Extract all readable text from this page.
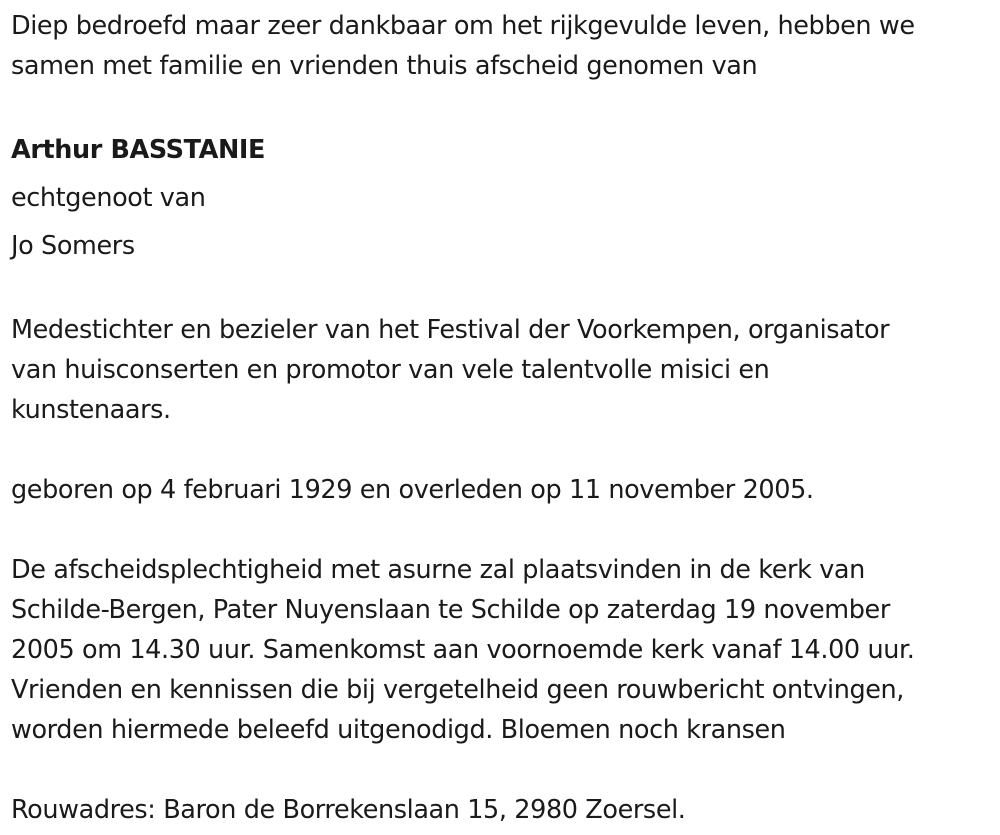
Diep bedroefd maar zeer dankbaar om het rijkgevulde leven, hebben we
samen met familie en vrienden thuis afscheid genomen van
Arthur BASSTANIE
echtgenoot van
Jo Somers
Medestichter en bezieler van het Festival der Voorkempen, organisator
van huisconserten en promotor van vele talentvolle misici en
kunstenaars.
geboren op 4 februari 1929 en overleden op 11 november 2005.
De afscheidsplechtigheid met asurne zal plaatsvinden in de kerk van
Schilde-Bergen, Pater Nuyenslaan te Schilde op zaterdag 19 november
2005 om 14.30 uur. Samenkomst aan voornoemde kerk vanaf 14.00 uur.
Vrienden en kennissen die bij vergetelheid geen rouwbericht ontvingen,
worden hiermede beleefd uitgenodigd. Bloemen noch kransen
Rouwadres: Baron de Borrekenslaan 15, 2980 Zoersel.
